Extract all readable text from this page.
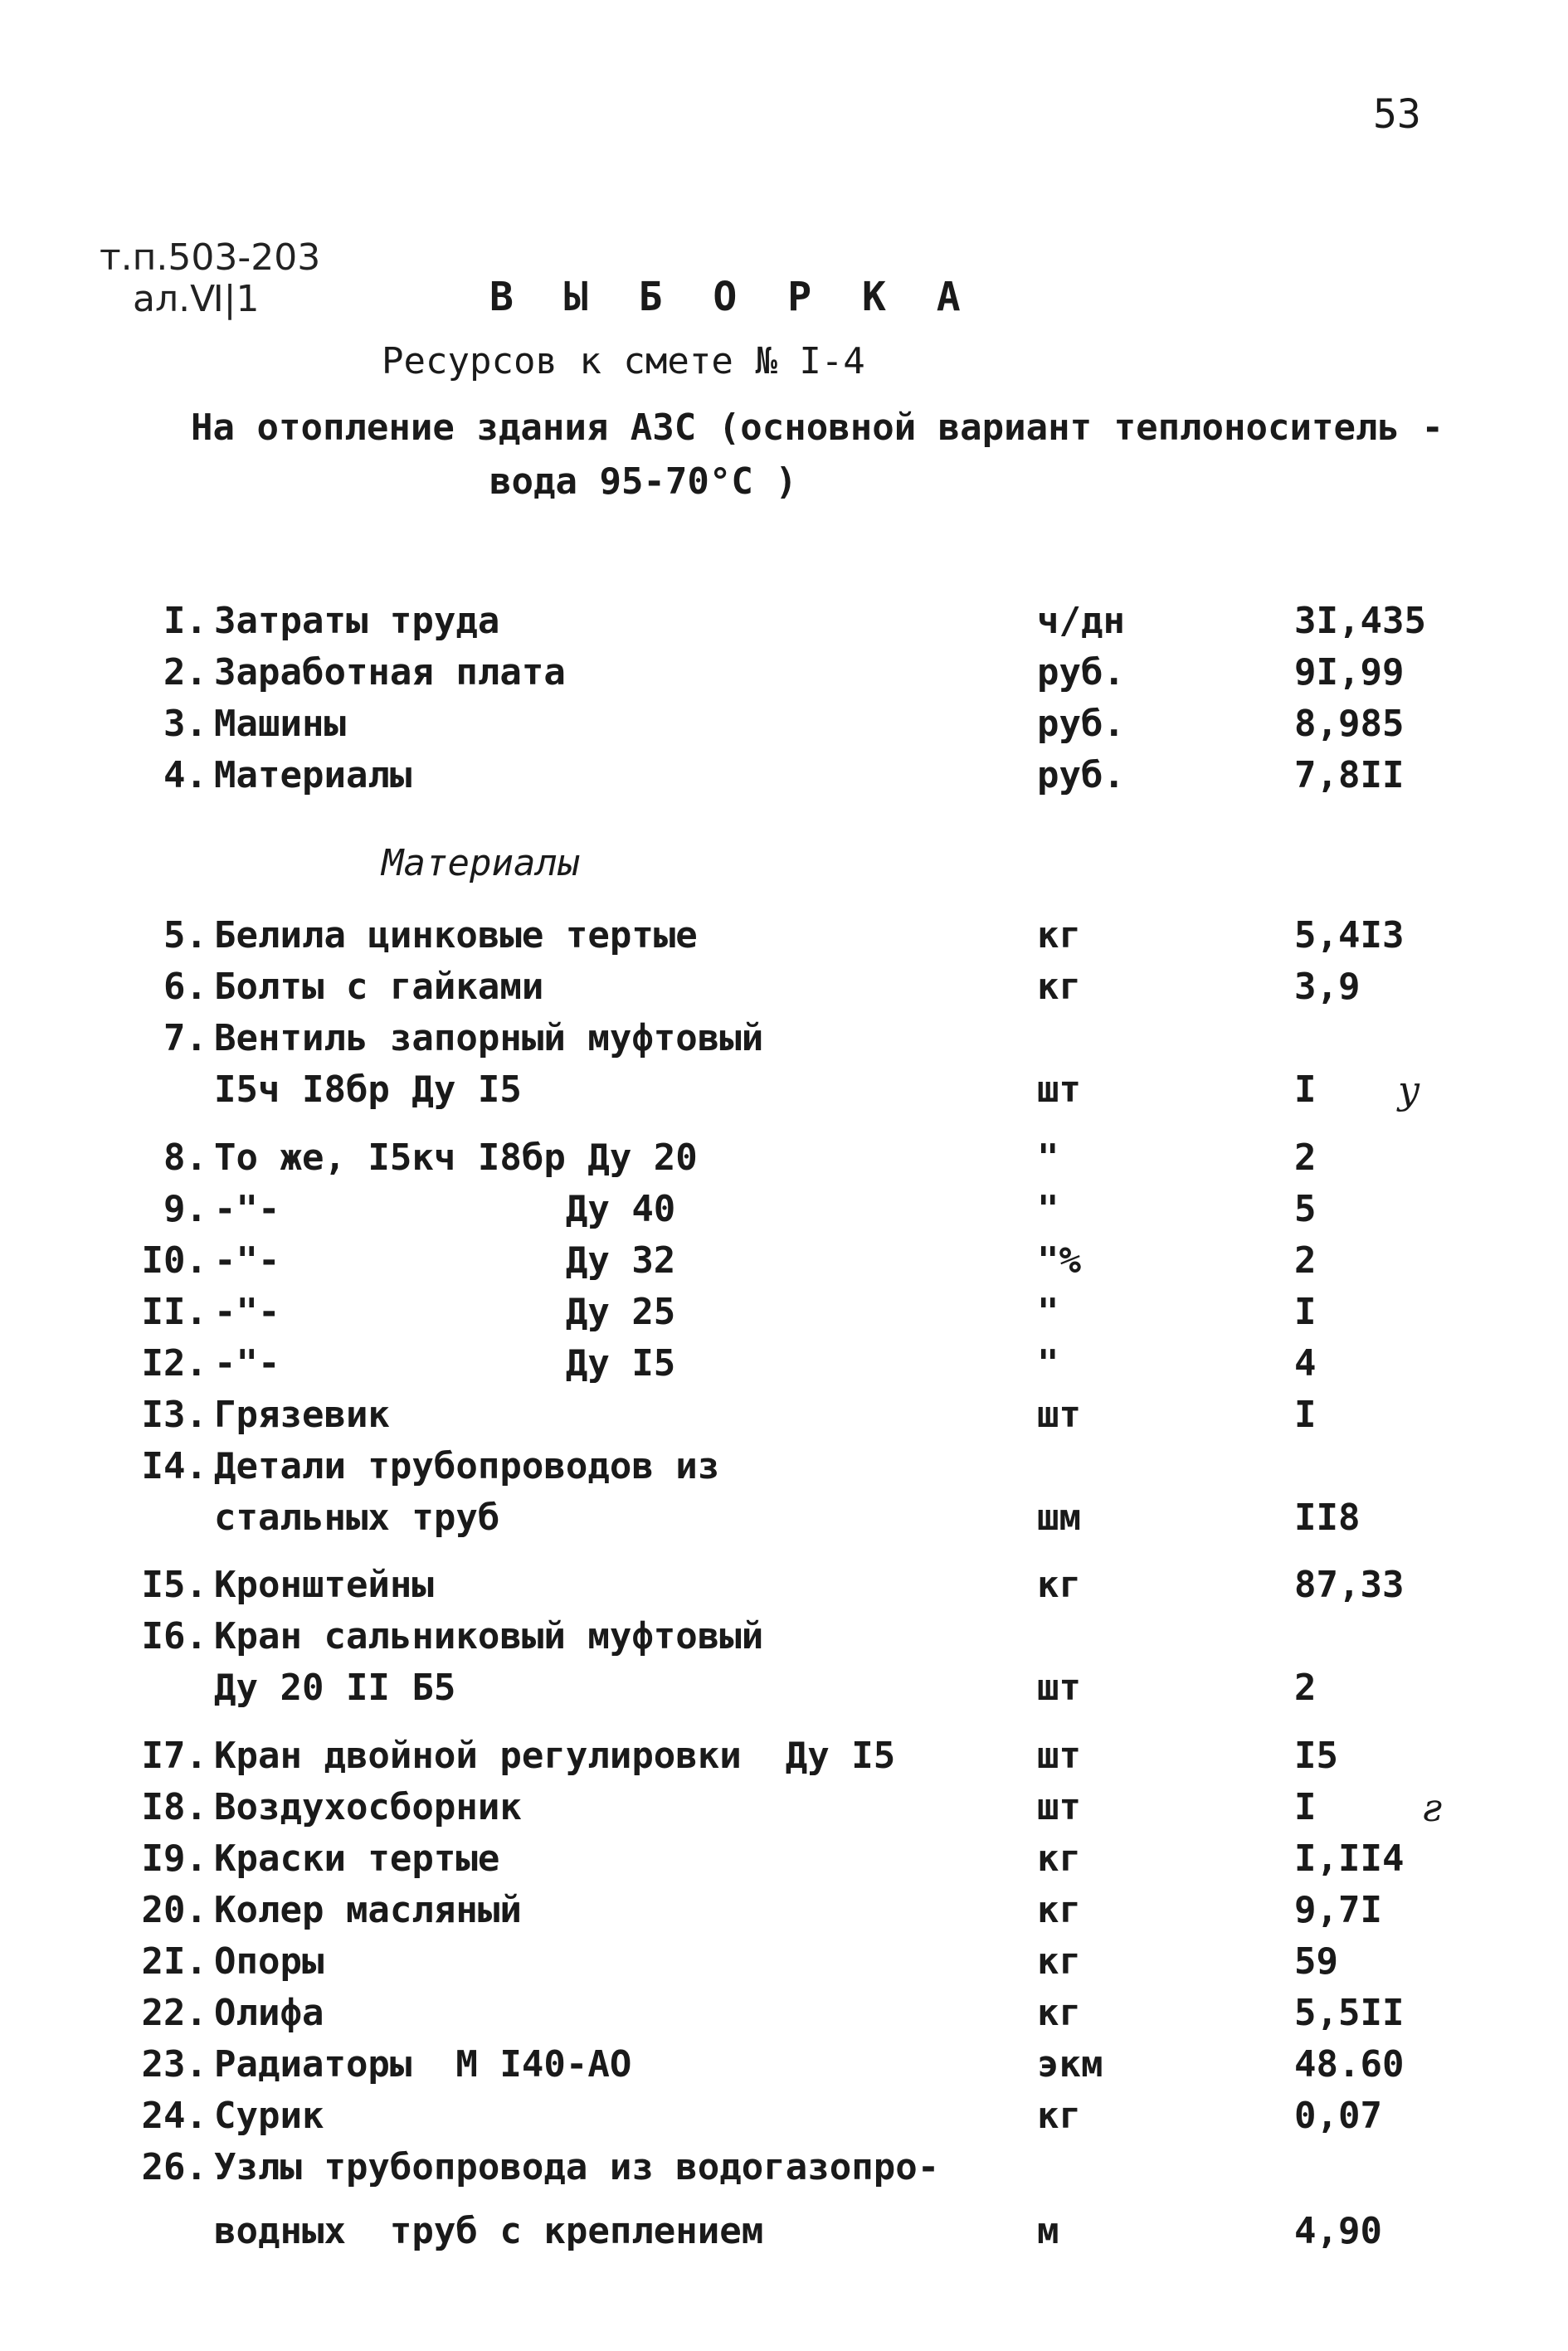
53
т.п.503-203
ал.Ⅵ|1	В Ы Б О Р К А
Ресурсов к смете № I-4
На отопление здания АЗС (основной вариант теплоноситель -
вода 95-70°С )
I. Затраты труда	ч/дн	3I,435
2. Заработная плата	руб.	9I,99
3. Машины	руб.	8,985
4. Материалы	руб.	7,8II
Материалы
5. Белила цинковые тертые	кг	5,4I3
6. Болты с гайками	кг	3,9
7. Вентиль запорный муфтовый
I5ч I8бр Ду I5	шт	I у
8. То же, I5кч I8бр Ду 20	"	2
9. -"-             Ду 40	"	5
I0. -"-             Ду 32	"%	2
II. -"-             Ду 25	"	I
I2. -"-             Ду I5	"	4
I3. Грязевик	шт	I
I4. Детали трубопроводов из
стальных труб	шм	II8
I5. Кронштейны	кг	87,33
I6. Кран сальниковый муфтовый
Ду 20 II Б5	шт	2
I7. Кран двойной регулировки  Ду I5	шт	I5
I8. Воздухосборник	шт	I	ƨ
I9. Краски тертые	кг	I,II4
20. Колер масляный	кг	9,7I
2I. Опоры	кг	59
22. Олифа	кг	5,5II
23. Радиаторы  М I40-АО	экм	48.60
24. Сурик	кг	0,07
26. Узлы трубопровода из водогазопро-
водных  труб с креплением	м	4,90
